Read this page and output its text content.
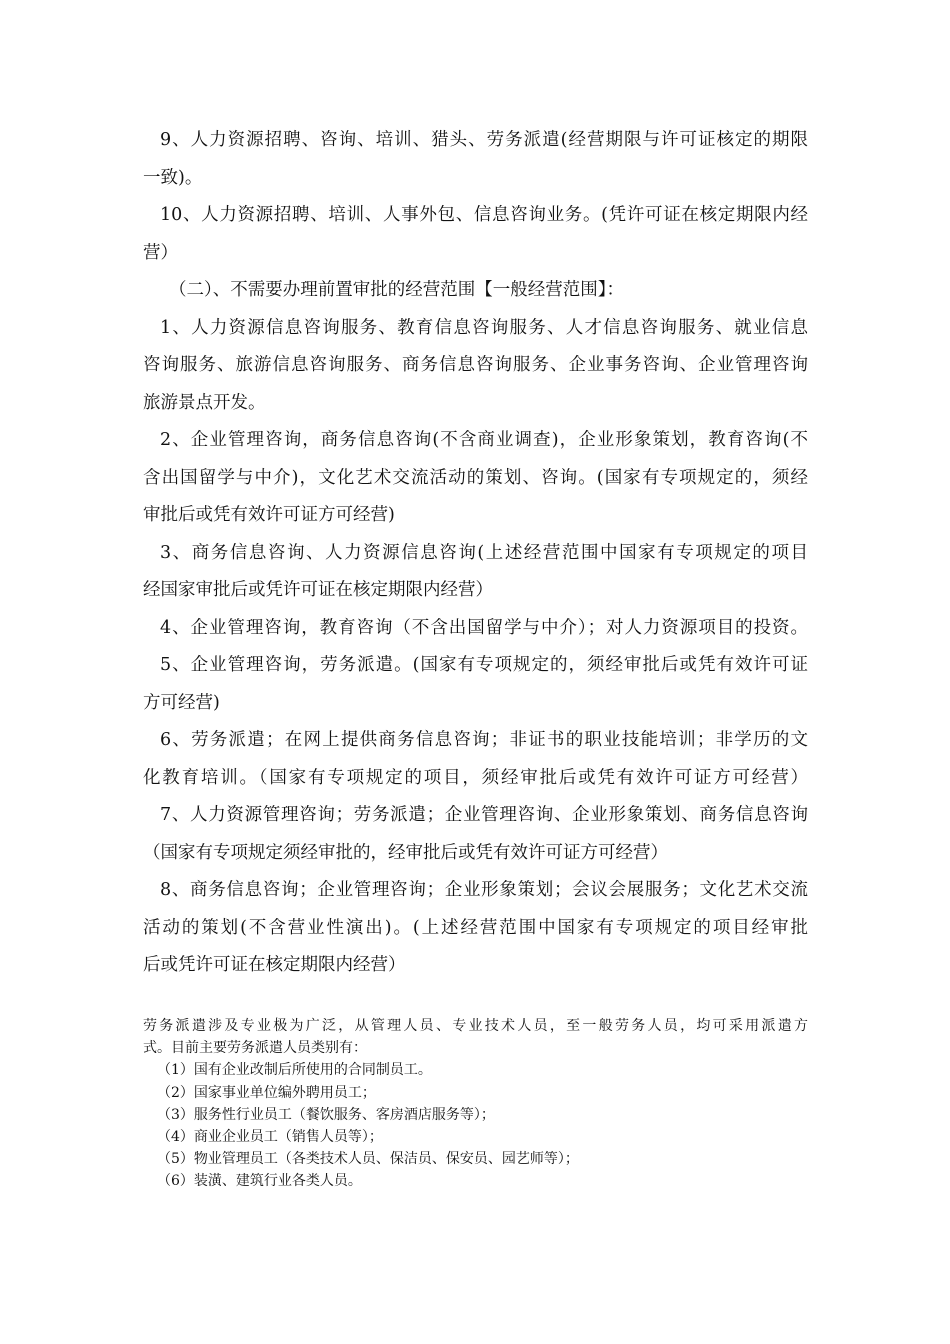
9、人力资源招聘、咨询、培训、猎头、劳务派遣(经营期限与许可证核定的期限
一致)。
10、人力资源招聘、培训、人事外包、信息咨询业务。(凭许可证在核定期限内经
营）
（二）、不需要办理前置审批的经营范围【一般经营范围】：
1、人力资源信息咨询服务、教育信息咨询服务、人才信息咨询服务、就业信息
咨询服务、旅游信息咨询服务、商务信息咨询服务、企业事务咨询、企业管理咨询
旅游景点开发。
2、企业管理咨询，商务信息咨询(不含商业调查)，企业形象策划，教育咨询(不
含出国留学与中介)，文化艺术交流活动的策划、咨询。(国家有专项规定的，须经
审批后或凭有效许可证方可经营)
3、商务信息咨询、人力资源信息咨询(上述经营范围中国家有专项规定的项目
经国家审批后或凭许可证在核定期限内经营）
4、企业管理咨询，教育咨询（不含出国留学与中介）；对人力资源项目的投资。
5、企业管理咨询，劳务派遣。(国家有专项规定的，须经审批后或凭有效许可证
方可经营)
6、劳务派遣；在网上提供商务信息咨询；非证书的职业技能培训；非学历的文
化教育培训。（国家有专项规定的项目，须经审批后或凭有效许可证方可经营）
7、人力资源管理咨询；劳务派遣；企业管理咨询、企业形象策划、商务信息咨询
（国家有专项规定须经审批的，经审批后或凭有效许可证方可经营）
8、商务信息咨询；企业管理咨询；企业形象策划；会议会展服务；文化艺术交流
活动的策划(不含营业性演出)。(上述经营范围中国家有专项规定的项目经审批
后或凭许可证在核定期限内经营）
劳务派遣涉及专业极为广泛，从管理人员、专业技术人员，至一般劳务人员，均可采用派遣方
式。目前主要劳务派遣人员类别有：
（1）国有企业改制后所使用的合同制员工。
（2）国家事业单位编外聘用员工；
（3）服务性行业员工（餐饮服务、客房酒店服务等）；
（4）商业企业员工（销售人员等）；
（5）物业管理员工（各类技术人员、保洁员、保安员、园艺师等）；
（6）装潢、建筑行业各类人员。
